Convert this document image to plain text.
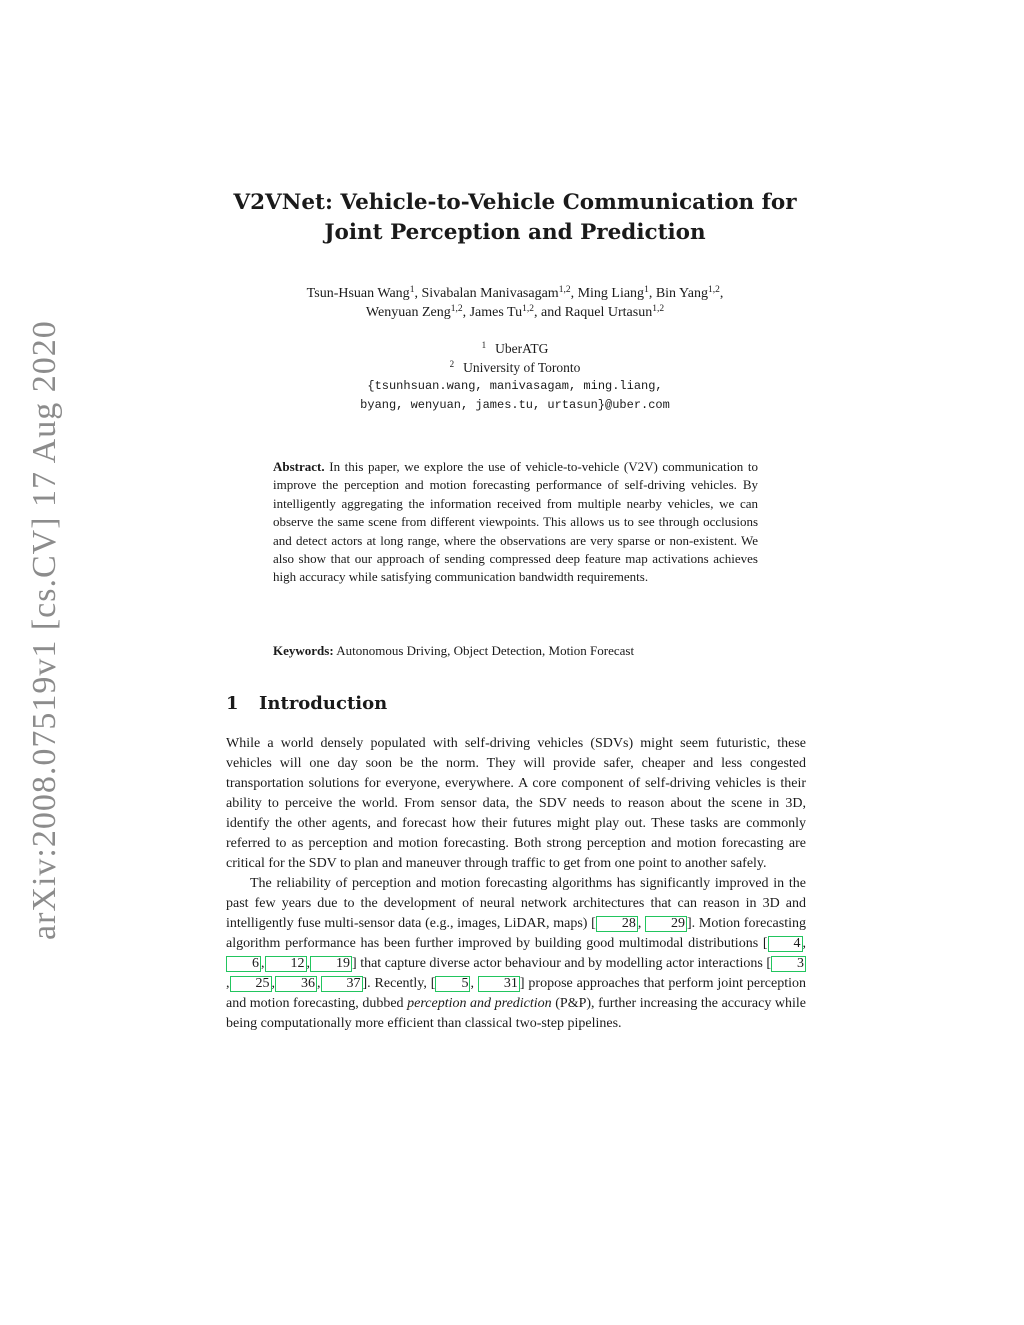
arXiv:2008.07519v1 [cs.CV] 17 Aug 2020
V2VNet: Vehicle-to-Vehicle Communication for
Joint Perception and Prediction
Tsun-Hsuan Wang$^1$, Sivabalan Manivasagam$^{1,2}$, Ming Liang$^1$, Bin Yang$^{1,2}$,
Wenyuan Zeng$^{1,2}$, James Tu$^{1,2}$, and Raquel Urtasun$^{1,2}$
$^1$ UberATG
$^2$ University of Toronto
{tsunhsuan.wang, manivasagam, ming.liang,
byang, wenyuan, james.tu, urtasun}@uber.com
Abstract. In this paper, we explore the use of vehicle-to-vehicle (V2V) communication to improve the perception and motion forecasting performance of self-driving vehicles. By intelligently aggregating the information received from multiple nearby vehicles, we can observe the same scene from different viewpoints. This allows us to see through occlusions and detect actors at long range, where the observations are very sparse or non-existent. We also show that our approach of sending compressed deep feature map activations achieves high accuracy while satisfying communication bandwidth requirements.
Keywords: Autonomous Driving, Object Detection, Motion Forecast
1 Introduction

While a world densely populated with self-driving vehicles (SDVs) might seem futuristic, these vehicles will one day soon be the norm. They will provide safer, cheaper and less congested transportation solutions for everyone, everywhere. A core component of self-driving vehicles is their ability to perceive the world. From sensor data, the SDV needs to reason about the scene in 3D, identify the other agents, and forecast how their futures might play out. These tasks are commonly referred to as perception and motion forecasting. Both strong perception and motion forecasting are critical for the SDV to plan and maneuver through traffic to get from one point to another safely.

The reliability of perception and motion forecasting algorithms has significantly improved in the past few years due to the development of neural network architectures that can reason in 3D and intelligently fuse multi-sensor data (e.g., images, LiDAR, maps) [ 28 , 29 ]. Motion forecasting algorithm performance has been further improved by building good multimodal distributions [ 4 ,6 , 12 , 19 ] that capture diverse actor behaviour and by modelling actor interactions [ 3, 25 , 36 , 37 ]. Recently, [ 5 , 31 ] propose approaches that perform joint perception and motion forecasting, dubbed perception and prediction (P&P), further increasing the accuracy while being computationally more efficient than classical two-step pipelines.
